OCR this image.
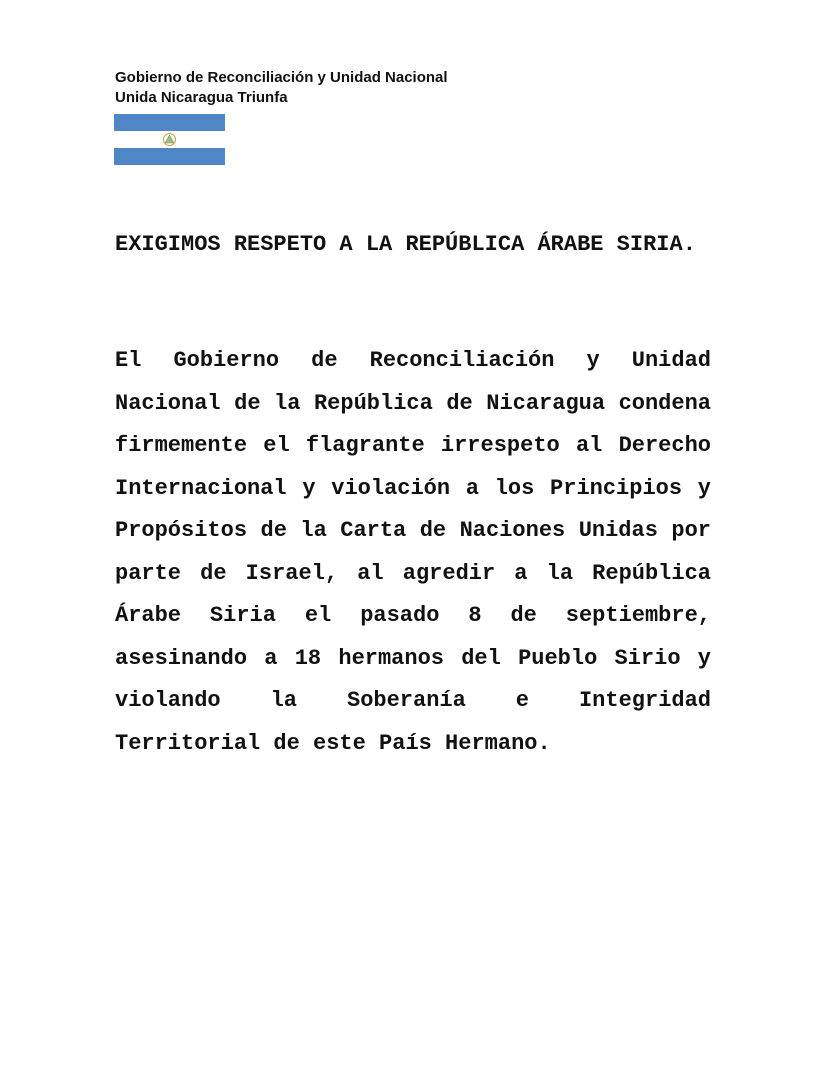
Gobierno de Reconciliación y Unidad Nacional
Unida Nicaragua Triunfa

EXIGIMOS RESPETO A LA REPÚBLICA ÁRABE SIRIA.

El Gobierno de Reconciliación y Unidad Nacional de la República de Nicaragua condena firmemente el flagrante irrespeto al Derecho Internacional y violación a los Principios y Propósitos de la Carta de Naciones Unidas por parte de Israel, al agredir a la República Árabe Siria el pasado 8 de septiembre, asesinando a 18 hermanos del Pueblo Sirio y violando la Soberanía e Integridad Territorial de este País Hermano.
